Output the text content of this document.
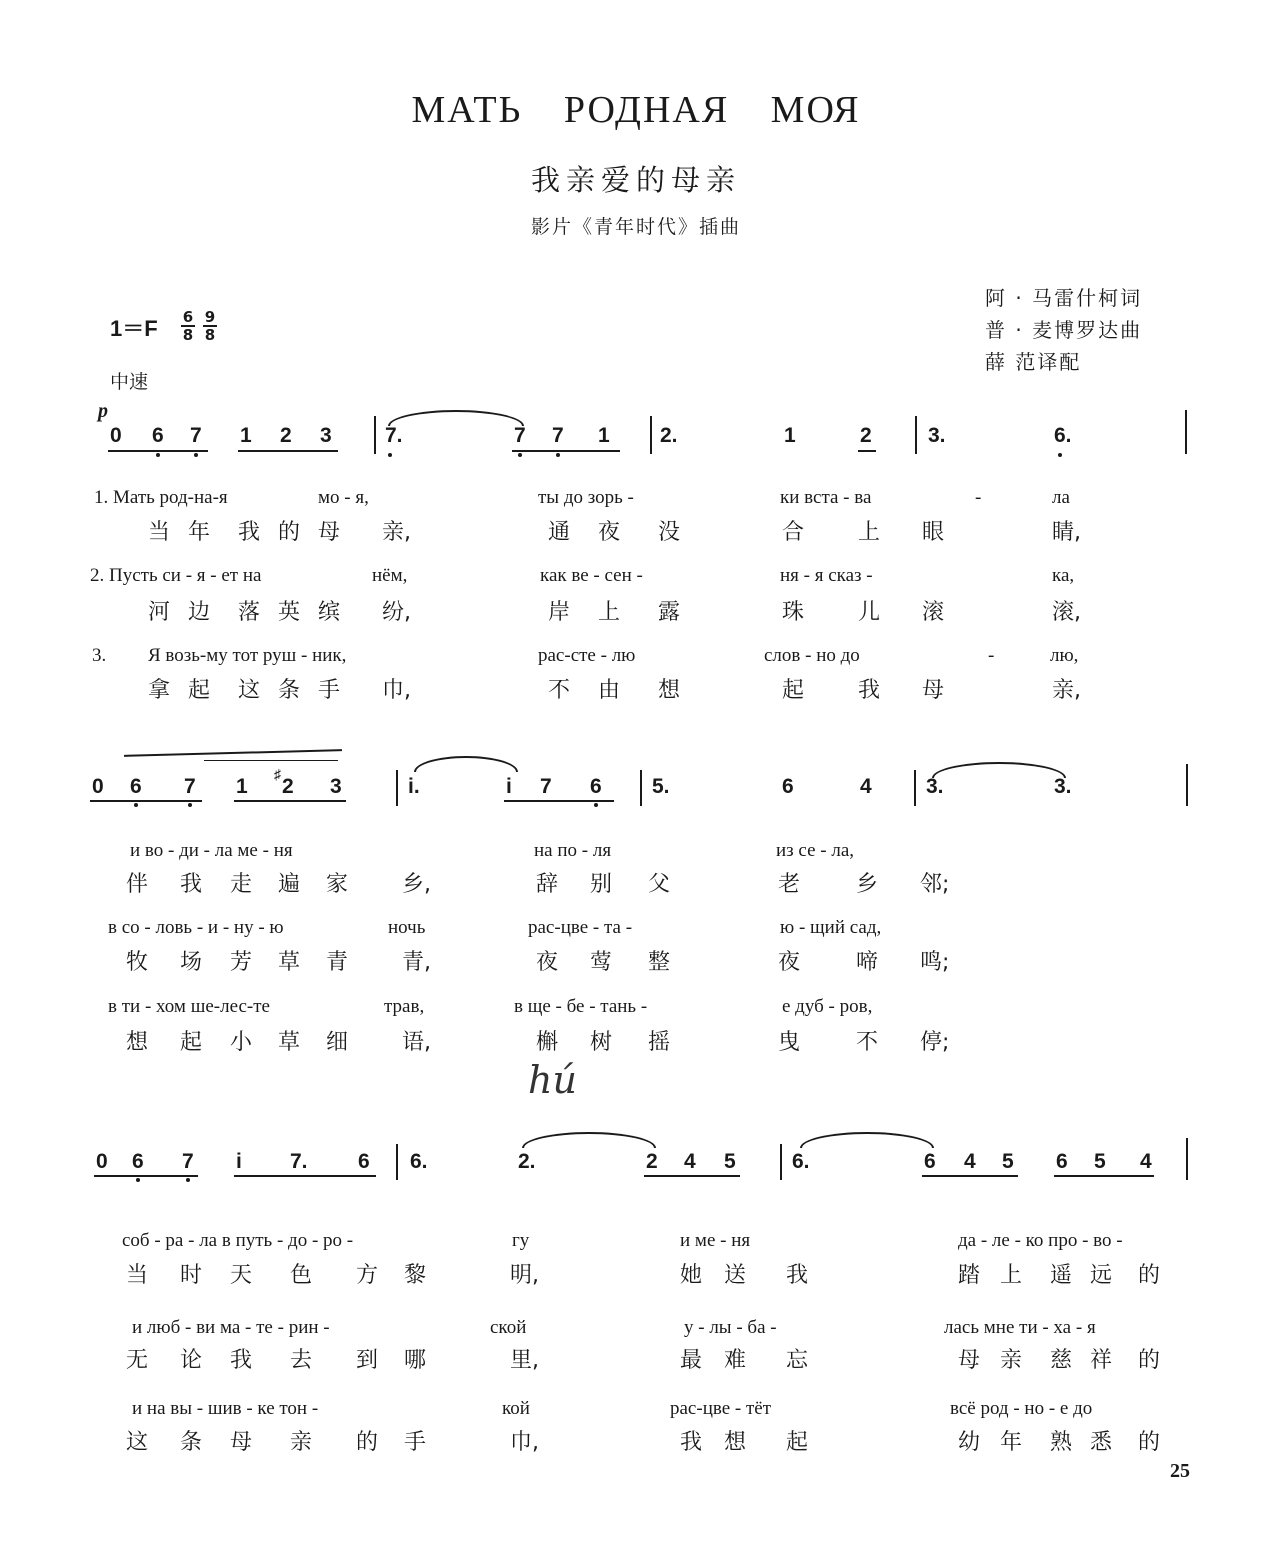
МАТЬ РОДНАЯ МОЯ
我亲爱的母亲
影片《青年时代》插曲
阿 · 马雷什柯词
普 · 麦博罗达曲
薛 范译配
1＝F 6
8
9
8
中速
p
0 6 7 1 2 3	7.	7 7 1 2.	1	2	3.	6.
1. Мать род-на-я	мо - я,	ты до зорь -	ки вста - ва	-	ла
当 年 我 的 母 亲,	通 夜 没	合 上 眼	睛,
2. Пусть си - я - ет на	нём,	как ве - сен -	ня - я сказ -	ка,
河 边 落 英 缤 纷,	岸 上 露	珠 儿 滚	滚,
3. Я возь-му тот руш - ник,	рас-сте - лю	слов - но до	-	лю,
拿 起 这 条 手 巾,	不 由 想	起 我 母	亲,
0 6 7 1 2 3	i.	i 7 6 5.	6	4	3.	3.
и во - ди - ла ме - ня	на по - ля	из се - ла,
伴 我 走 遍 家 乡,	辞 别 父	老	乡 邻;
в со - ловь - и - ну - ю	ночь	рас-цве - та -	ю - щий сад,
牧 场 芳 草 青 青,	夜 莺 整	夜	啼 鸣;
в ти - хом ше-лес-те	трав,	в ще - бе - тань -	е дуб - ров,
想 起 小 草 细 语,	槲 树 摇	曳	不 停;
♯
hú
0 6 7 i 7. 6 6.	2.	2 4 5	6.	6 4 5 6 5 4
соб - ра - ла в путь - до - ро -	гу	и ме - ня	да - ле - ко про - во -
当 时 天 色 方 黎	明,	她 送 我	踏 上 遥 远 的
и люб - ви ма - те - рин -	ской	у - лы - ба -	лась мне ти - ха - я
无 论 我 去 到 哪	里,	最 难 忘	母 亲 慈 祥 的
и на вы - шив - ке тон -	кой	рас-цве - тёт	всё род - но - е до
这 条 母 亲 的 手	巾,	我 想 起	幼 年 熟 悉 的
25
